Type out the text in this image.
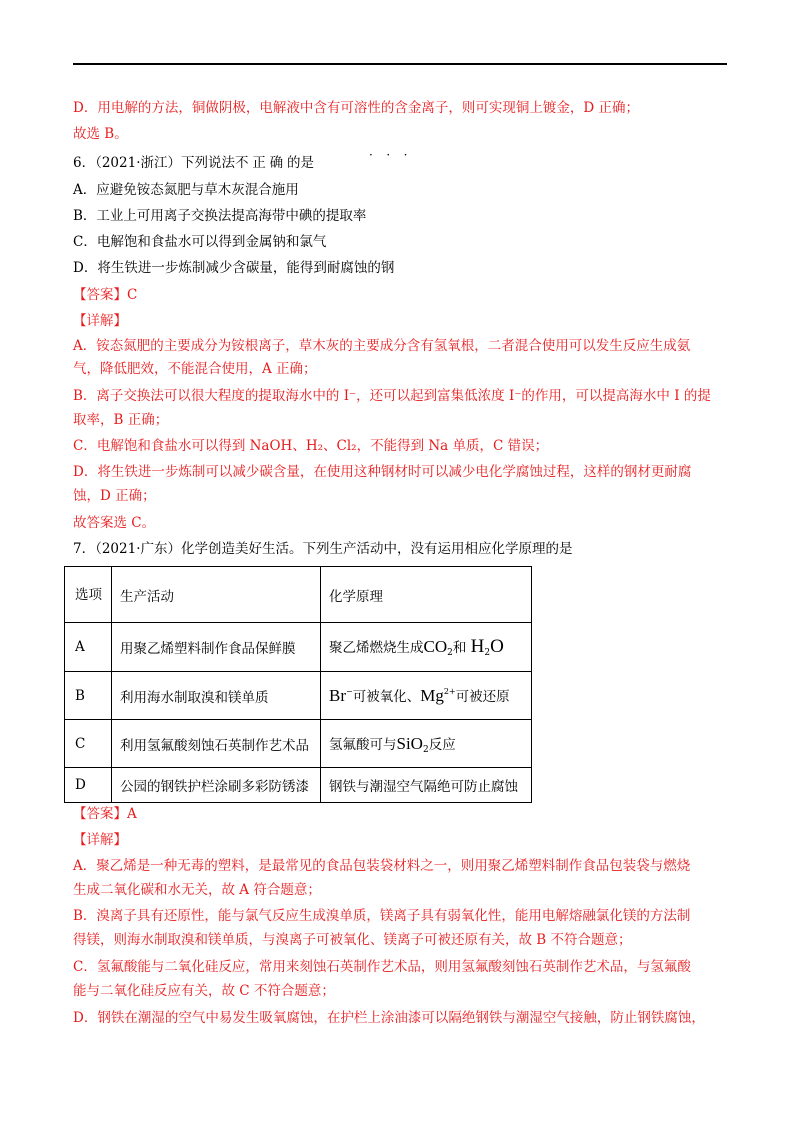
D．用电解的方法，铜做阴极，电解液中含有可溶性的含金离子，则可实现铜上镀金，D 正确；
故选 B。
6．（2021·浙江）下列说法不	·正	·确	·的是
A．应避免铵态氮肥与草木灰混合施用
B．工业上可用离子交换法提高海带中碘的提取率
C．电解饱和食盐水可以得到金属钠和氯气
D．将生铁进一步炼制减少含碳量，能得到耐腐蚀的钢
【答案】C
【详解】
A．铵态氮肥的主要成分为铵根离子，草木灰的主要成分含有氢氧根，二者混合使用可以发生反应生成氨
气，降低肥效，不能混合使用，A 正确；
B．离子交换法可以很大程度的提取海水中的 I⁻，还可以起到富集低浓度 I⁻的作用，可以提高海水中 I 的提
取率，B 正确；
C．电解饱和食盐水可以得到 NaOH、H₂、Cl₂，不能得到 Na 单质，C 错误；
D．将生铁进一步炼制可以减少碳含量，在使用这种钢材时可以减少电化学腐蚀过程，这样的钢材更耐腐
蚀，D 正确；
故答案选 C。
7．（2021·广东）化学创造美好生活。下列生产活动中，没有运用相应化学原理的是
选项	生产活动	化学原理
A	用聚乙烯塑料制作食品保鲜膜	聚乙烯燃烧生成$CO_2$和 $H_2O$
B	利用海水制取溴和镁单质	Br−可被氧化、$Mg^{2+}$可被还原
C	利用氢氟酸刻蚀石英制作艺术品	氢氟酸可与SiO$_2$反应
D	公园的钢铁护栏涂刷多彩防锈漆	钢铁与潮湿空气隔绝可防止腐蚀
【答案】A
【详解】
A．聚乙烯是一种无毒的塑料，是最常见的食品包装袋材料之一，则用聚乙烯塑料制作食品包装袋与燃烧
生成二氧化碳和水无关，故 A 符合题意；
B．溴离子具有还原性，能与氯气反应生成溴单质，镁离子具有弱氧化性，能用电解熔融氯化镁的方法制
得镁，则海水制取溴和镁单质，与溴离子可被氧化、镁离子可被还原有关，故 B 不符合题意；
C．氢氟酸能与二氧化硅反应，常用来刻蚀石英制作艺术品，则用氢氟酸刻蚀石英制作艺术品，与氢氟酸
能与二氧化硅反应有关，故 C 不符合题意；
D．钢铁在潮湿的空气中易发生吸氧腐蚀，在护栏上涂油漆可以隔绝钢铁与潮湿空气接触，防止钢铁腐蚀，
